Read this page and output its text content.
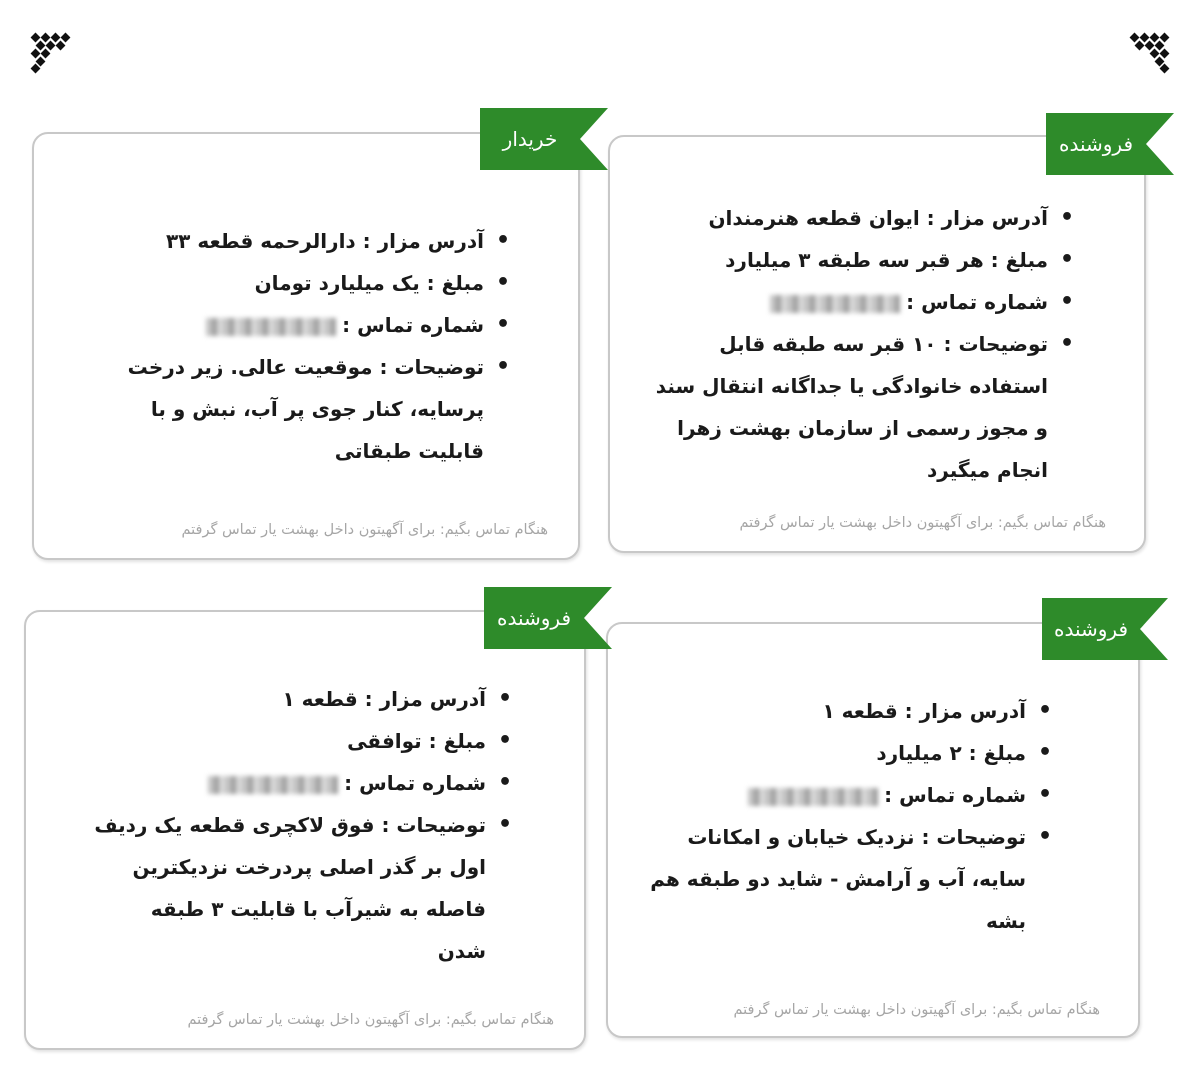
• آدرس مزار : ایوان قطعه هنرمندان
• مبلغ : هر قبر سه طبقه ۳ میلیارد
• شماره تماس :
• توضیحات : ۱۰ قبر سه طبقه قابل
استفاده خانوادگی یا جداگانه انتقال سند
و مجوز رسمی از سازمان بهشت زهرا
انجام میگیرد
هنگام تماس بگیم: برای آگهیتون داخل بهشت یار تماس گرفتم
فروشنده
• آدرس مزار : دارالرحمه قطعه ۳۳
• مبلغ : یک میلیارد تومان
• شماره تماس :
• توضیحات : موقعیت عالی. زیر درخت
پرسایه، کنار جوی پر آب، نبش و با
قابلیت طبقاتی
هنگام تماس بگیم: برای آگهیتون داخل بهشت یار تماس گرفتم
خریدار
• آدرس مزار : قطعه ۱
• مبلغ : ۲ میلیارد
• شماره تماس :
• توضیحات : نزدیک خیابان و امکانات
سایه، آب و آرامش - شاید دو طبقه هم
بشه
هنگام تماس بگیم: برای آگهیتون داخل بهشت یار تماس گرفتم
فروشنده
• آدرس مزار : قطعه ۱
• مبلغ : توافقی
• شماره تماس :
• توضیحات : فوق لاکچری قطعه یک ردیف
اول بر گذر اصلی پردرخت نزدیکترین
فاصله به شیرآب با قابلیت ۳ طبقه
شدن
هنگام تماس بگیم: برای آگهیتون داخل بهشت یار تماس گرفتم
فروشنده
